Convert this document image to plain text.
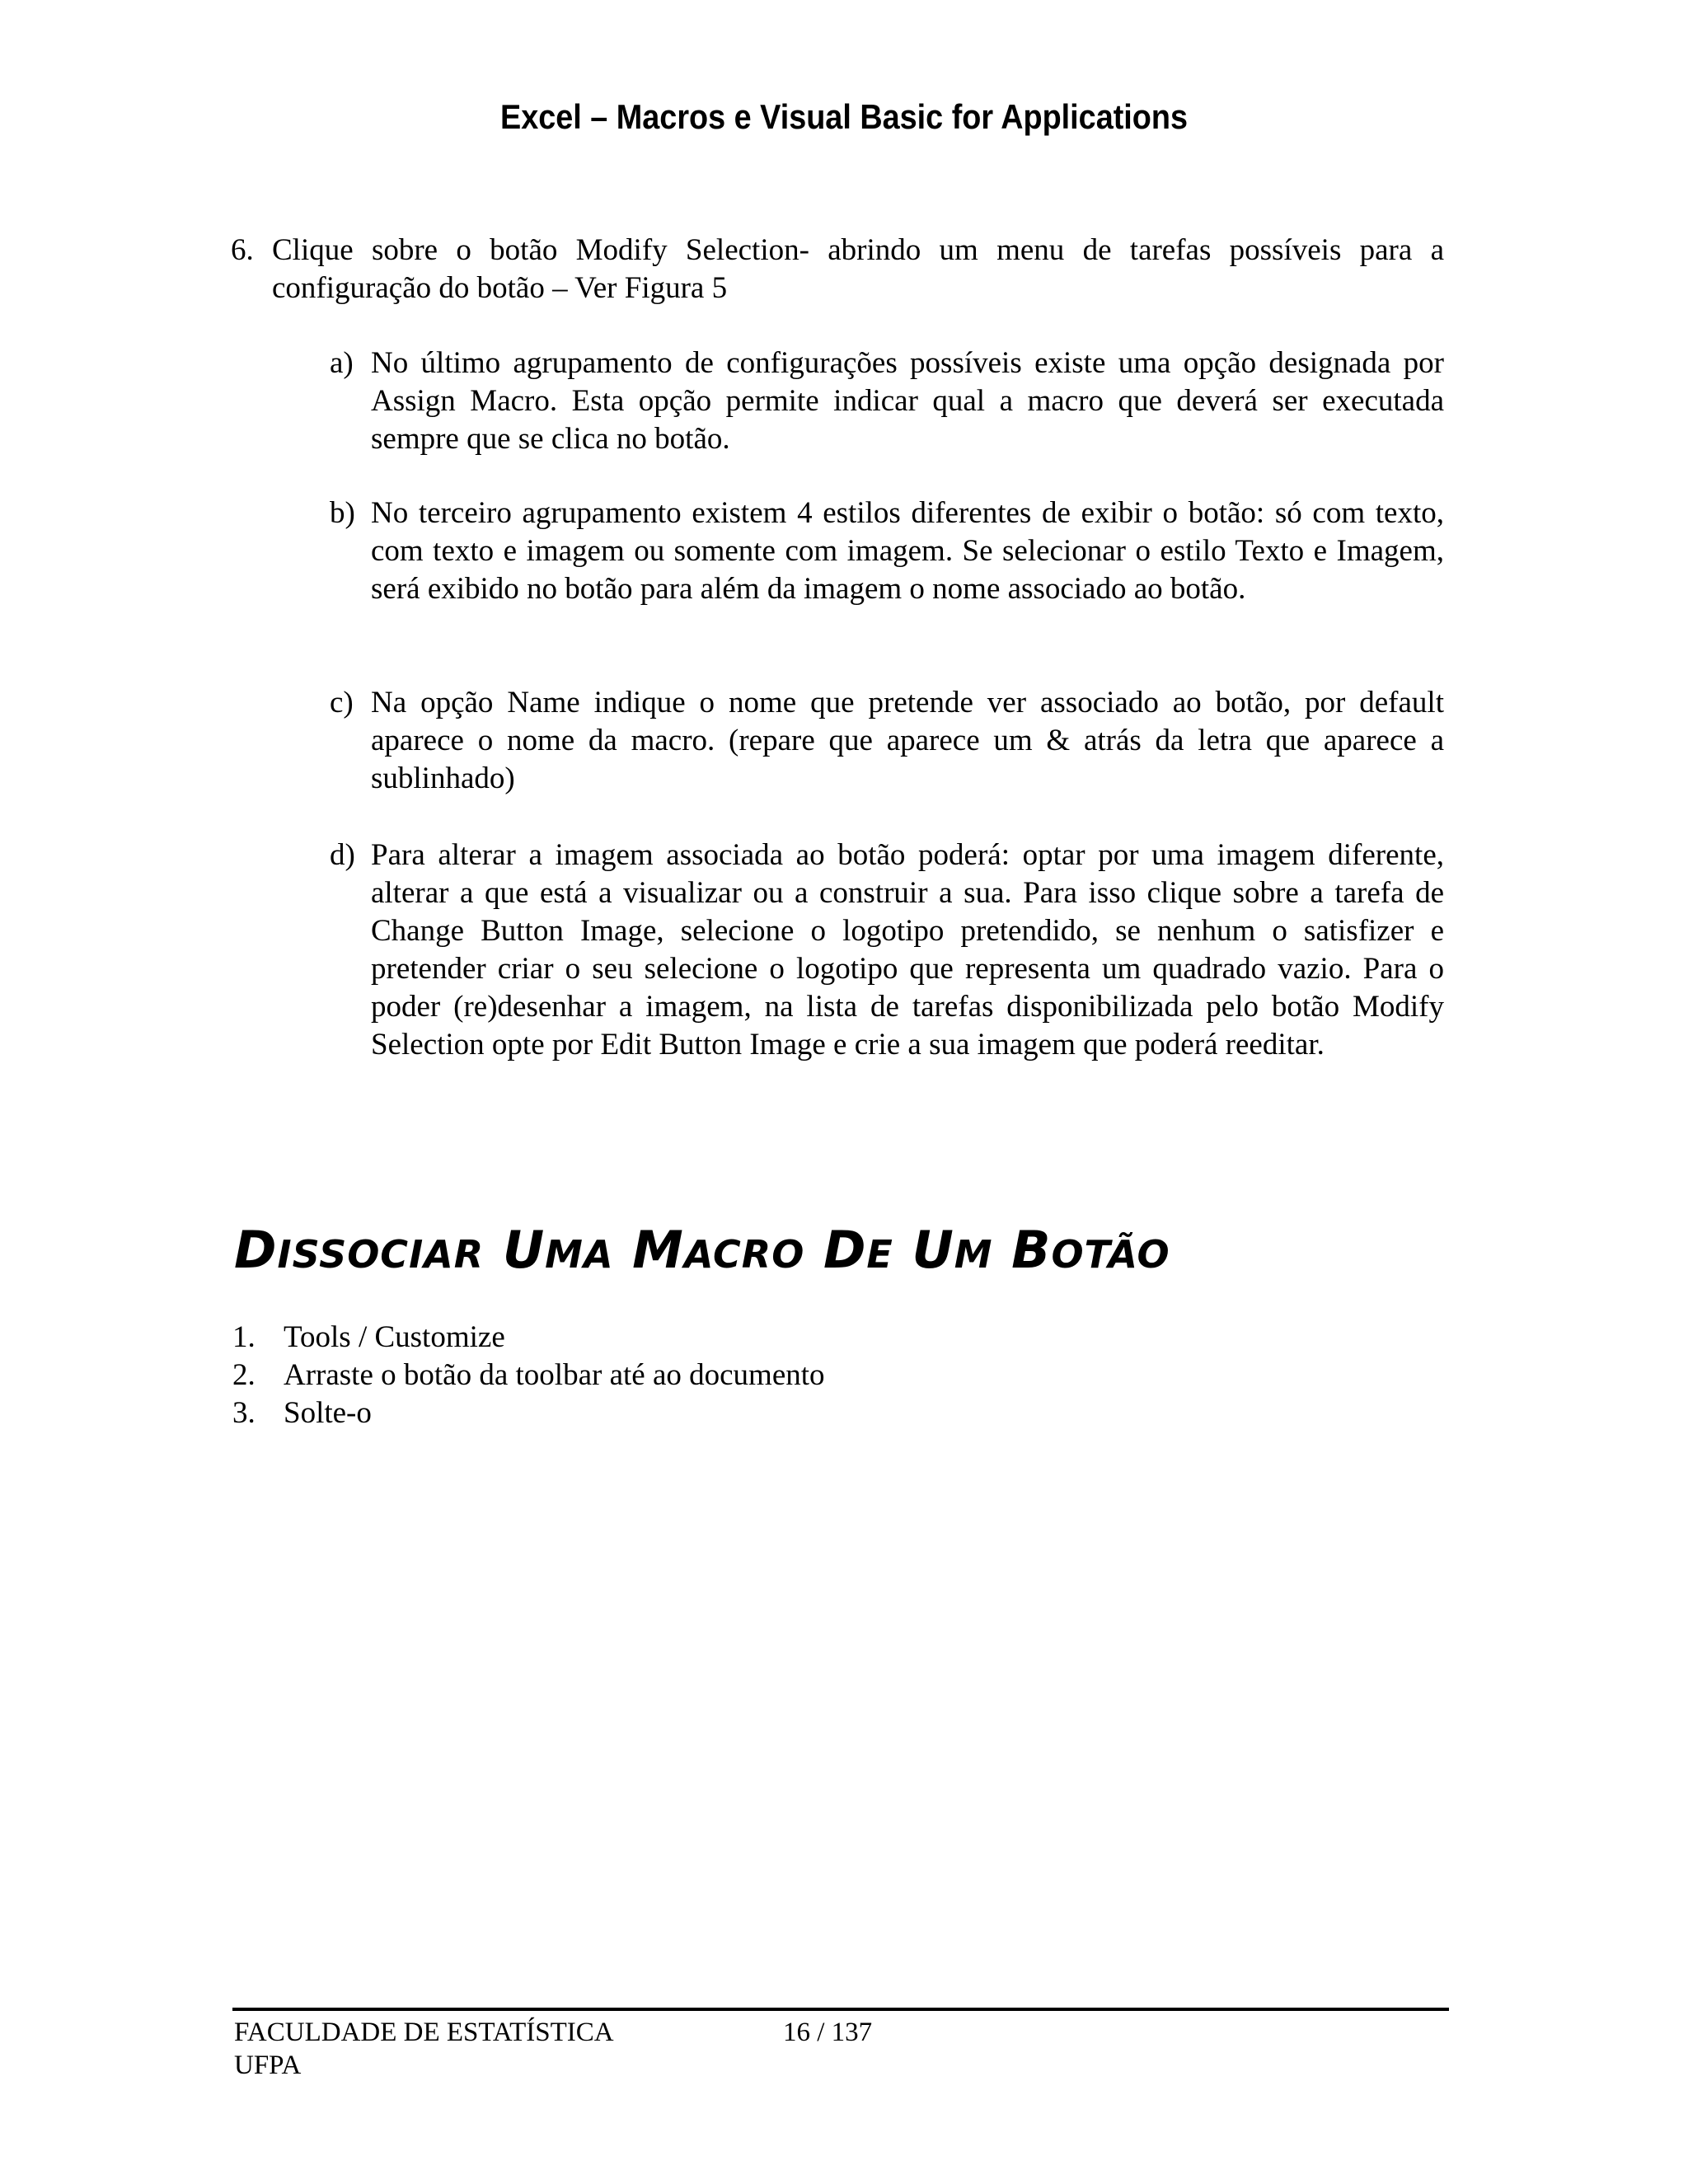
Excel – Macros e Visual Basic for Applications
6. Clique sobre o botão Modify Selection- abrindo um menu de tarefas possíveis para a configuração do botão – Ver Figura 5
a) No último agrupamento de configurações possíveis existe uma opção designada por Assign Macro. Esta opção permite indicar qual a macro que deverá ser executada sempre que se clica no botão.
b) No terceiro agrupamento existem 4 estilos diferentes de exibir o botão: só com texto, com texto e imagem ou somente com imagem. Se selecionar o estilo Texto e Imagem, será exibido no botão para além da imagem o nome associado ao botão.
c) Na opção Name indique o nome que pretende ver associado ao botão, por default aparece o nome da macro. (repare que aparece um & atrás da letra que aparece a sublinhado)
d) Para alterar a imagem associada ao botão poderá: optar por uma imagem diferente, alterar a que está a visualizar ou a construir a sua. Para isso clique sobre a tarefa de Change Button Image, selecione o logotipo pretendido, se nenhum o satisfizer e pretender criar o seu selecione o logotipo que representa um quadrado vazio. Para o poder (re)desenhar a imagem, na lista de tarefas disponibilizada pelo botão Modify Selection opte por Edit Button Image e crie a sua imagem que poderá reeditar.
DISSOCIAR UMA MACRO DE UM BOTÃO
1. Tools / Customize
2. Arraste o botão da toolbar até ao documento
3. Solte-o
FACULDADE DE ESTATÍSTICA
UFPA
16 / 137
